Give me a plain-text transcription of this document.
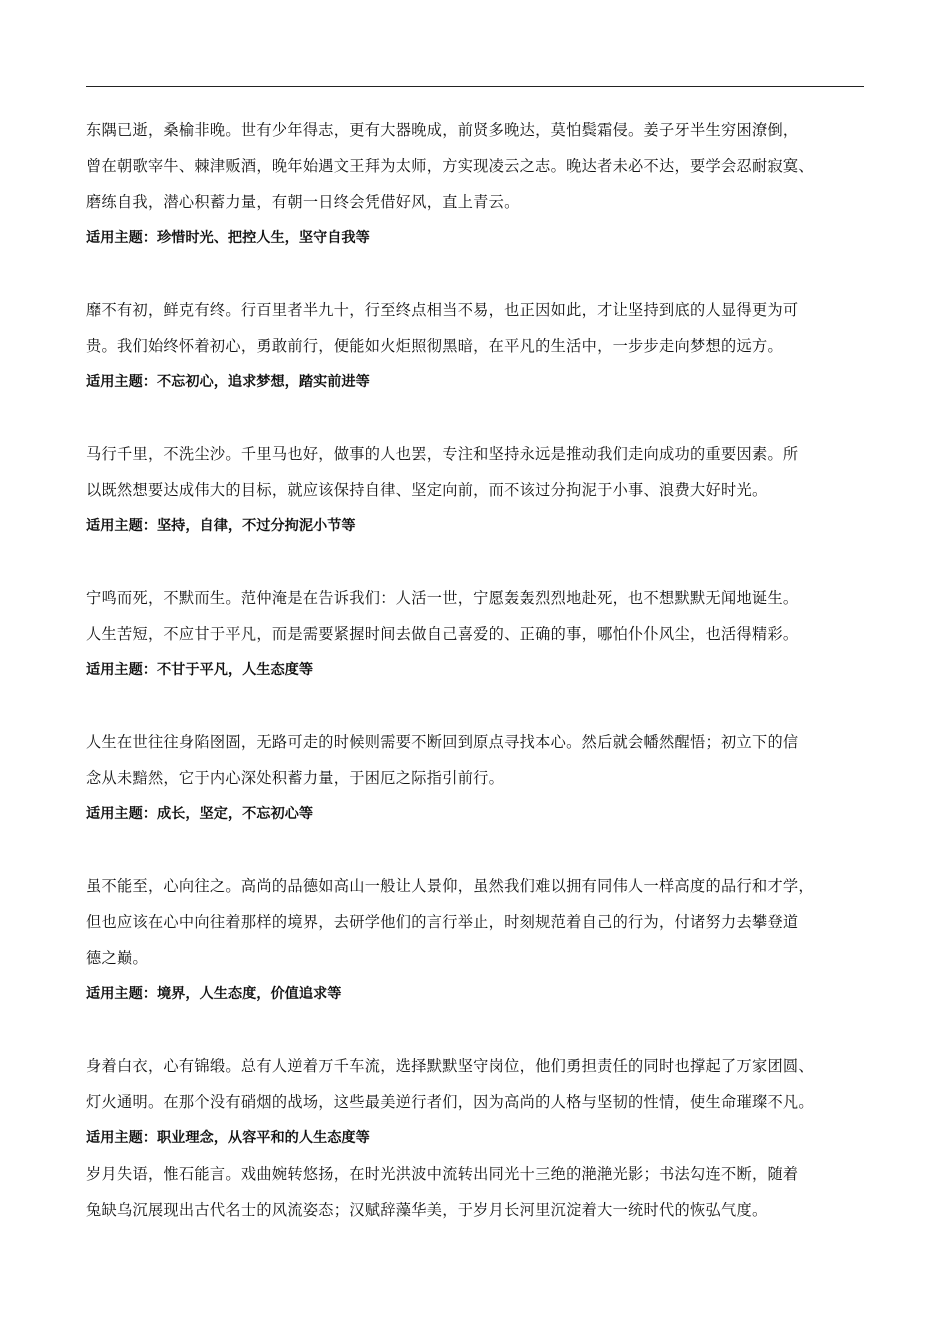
东隅已逝，桑榆非晚。世有少年得志，更有大器晚成，前贤多晚达，莫怕鬓霜侵。姜子牙半生穷困潦倒，
曾在朝歌宰牛、棘津贩酒，晚年始遇文王拜为太师，方实现凌云之志。晚达者未必不达，要学会忍耐寂寞、
磨练自我，潜心积蓄力量，有朝一日终会凭借好风，直上青云。

适用主题：珍惜时光、把控人生，坚守自我等

靡不有初，鲜克有终。行百里者半九十，行至终点相当不易，也正因如此，才让坚持到底的人显得更为可
贵。我们始终怀着初心，勇敢前行，便能如火炬照彻黑暗，在平凡的生活中，一步步走向梦想的远方。

适用主题：不忘初心，追求梦想，踏实前进等

马行千里，不洗尘沙。千里马也好，做事的人也罢，专注和坚持永远是推动我们走向成功的重要因素。所
以既然想要达成伟大的目标，就应该保持自律、坚定向前，而不该过分拘泥于小事、浪费大好时光。

适用主题：坚持，自律，不过分拘泥小节等

宁鸣而死，不默而生。范仲淹是在告诉我们：人活一世，宁愿轰轰烈烈地赴死，也不想默默无闻地诞生。
人生苦短，不应甘于平凡，而是需要紧握时间去做自己喜爱的、正确的事，哪怕仆仆风尘，也活得精彩。

适用主题：不甘于平凡，人生态度等

人生在世往往身陷囹圄，无路可走的时候则需要不断回到原点寻找本心。然后就会幡然醒悟；初立下的信
念从未黯然，它于内心深处积蓄力量，于困厄之际指引前行。

适用主题：成长，坚定，不忘初心等

虽不能至，心向往之。高尚的品德如高山一般让人景仰，虽然我们难以拥有同伟人一样高度的品行和才学，
但也应该在心中向往着那样的境界，去研学他们的言行举止，时刻规范着自己的行为，付诸努力去攀登道
德之巅。

适用主题：境界，人生态度，价值追求等

身着白衣，心有锦缎。总有人逆着万千车流，选择默默坚守岗位，他们勇担责任的同时也撑起了万家团圆、
灯火通明。在那个没有硝烟的战场，这些最美逆行者们，因为高尚的人格与坚韧的性情，使生命璀璨不凡。

适用主题：职业理念，从容平和的人生态度等

岁月失语，惟石能言。戏曲婉转悠扬，在时光洪波中流转出同光十三绝的滟滟光影；书法勾连不断，随着
兔缺乌沉展现出古代名士的风流姿态；汉赋辞藻华美，于岁月长河里沉淀着大一统时代的恢弘气度。
